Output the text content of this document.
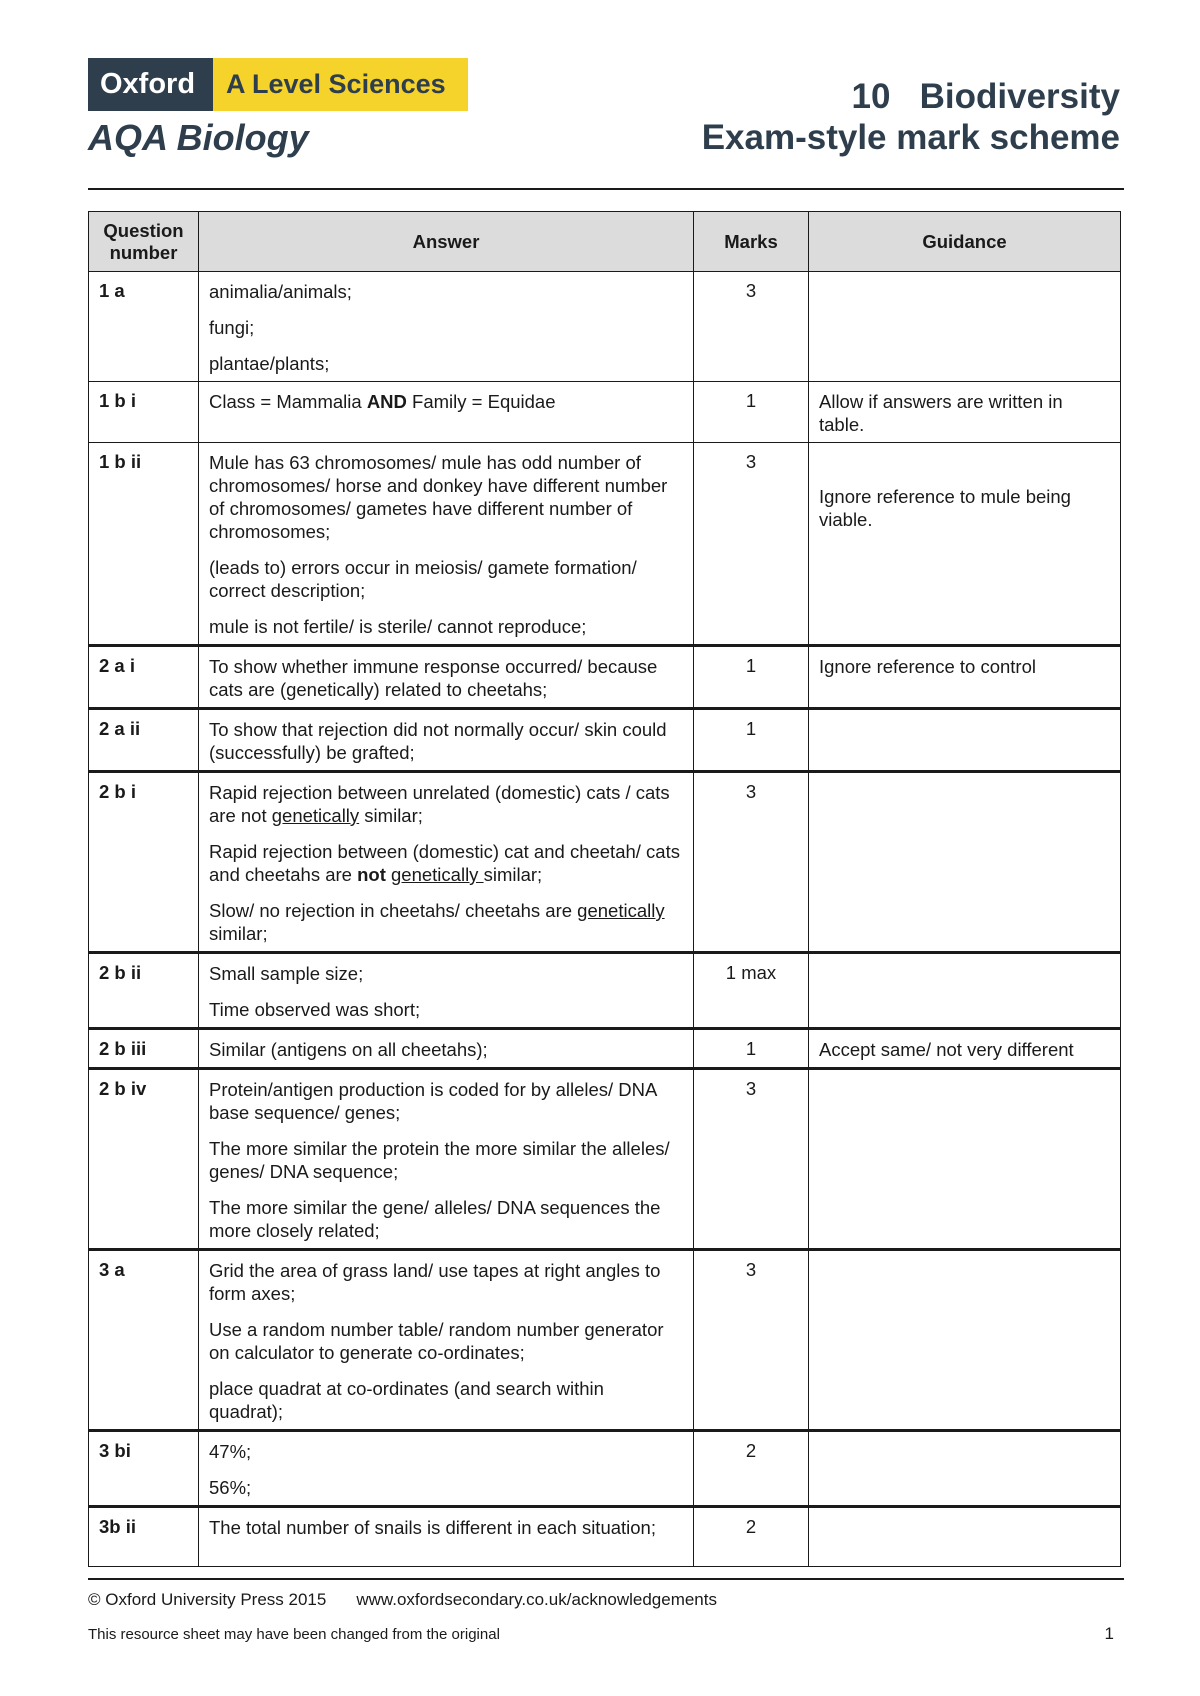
Oxford	A Level Sciences
AQA Biology
10 Biodiversity
Exam-style mark scheme
Question number	Answer	Marks	Guidance
1 a	animalia/animals;
fungi;
plantae/plants;	3	
1 b i	Class = Mammalia AND Family = Equidae	1	Allow if answers are written in table.

1 b ii	Mule has 63 chromosomes/ mule has odd number of chromosomes/ horse and donkey have different number of chromosomes/ gametes have different number of chromosomes;
(leads to) errors occur in meiosis/ gamete formation/ correct description;
mule is not fertile/ is sterile/ cannot reproduce;	3	Ignore reference to mule being viable.

2 a i	To show whether immune response occurred/ because cats are (genetically) related to cheetahs;	1	Ignore reference to control

2 a ii	To show that rejection did not normally occur/ skin could (successfully) be grafted;	1	
2 b i	Rapid rejection between unrelated (domestic) cats / cats are not genetically similar;
Rapid rejection between (domestic) cat and cheetah/ cats and cheetahs are not genetically similar;
Slow/ no rejection in cheetahs/ cheetahs are genetically similar;	3	
2 b ii	Small sample size;
Time observed was short;	1 max	
2 b iii	Similar (antigens on all cheetahs);	1	Accept same/ not very different

2 b iv	Protein/antigen production is coded for by alleles/ DNA base sequence/ genes;
The more similar the protein the more similar the alleles/ genes/ DNA sequence;
The more similar the gene/ alleles/ DNA sequences the more closely related;	3	
3 a	Grid the area of grass land/ use tapes at right angles to form axes;
Use a random number table/ random number generator on calculator to generate co-ordinates;
place quadrat at co-ordinates (and search within quadrat);	3	
3 bi	47%;
56%;	2	
3b ii	The total number of snails is different in each situation;	2	
© Oxford University Press 2015 www.oxfordsecondary.co.uk/acknowledgements
This resource sheet may have been changed from the original	1
